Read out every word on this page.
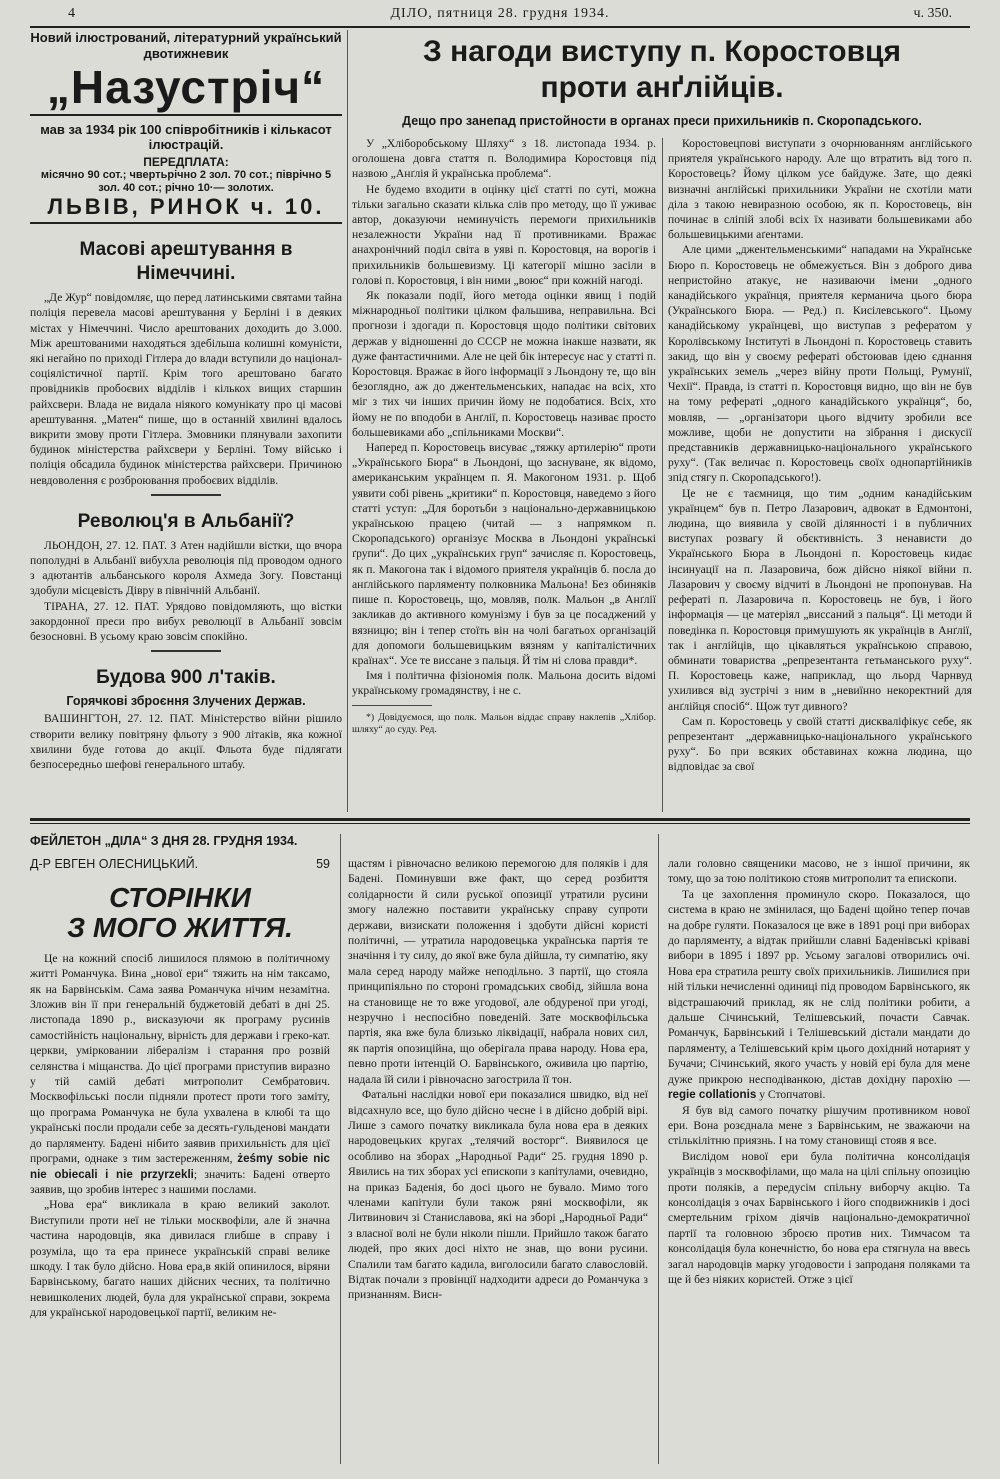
4	ДІЛО, пятниця 28. грудня 1934.	ч. 350.
Новий ілюстрований, літературний український двотижневик
„Назустріч“
мав за 1934 рік 100 співробітників і кількасот ілюстрацій.
ПЕРЕДПЛАТА:
місячно 90 сот.; чвертьрічно 2 зол. 70 сот.; піврічно 5 зол. 40 сот.; річно 10·— золотих.
ЛЬВІВ, РИНОК ч. 10.
Масові арештування в Німеччині.

„Де Жур“ повідомляє, що перед латинськими святами тайна поліція перевела масові арештування у Берліні і в деяких містах у Німеччині. Число арештованих доходить до 3.000. Між арештованими находяться здебільша колишні комуністи, які негайно по приході Гітлера до влади вступили до націонал-соціялістичної партії. Крім того арештовано багато провідників пробоєвих відділів і кількох вищих старшин райхсвери. Влада не видала ніякого комунікату про ці масові арештування. „Матен“ пише, що в останній хвилині вдалось викрити змову проти Гітлера. Змовники плянували захопити будинок міністерства райхсвери у Берліні. Тому військо і поліція обсадила будинок міністерства райхсвери. Причиною невдоволення є розброювання пробоєвих відділів.

Революц'я в Альбанії?

ЛЬОНДОН, 27. 12. ПАТ. З Атен надійшли вістки, що вчора пополудні в Альбанії вибухла революція під проводом одного з адютантів альбанського короля Ахмеда Зогу. Повстанці здобули місцевість Діврy в північній Альбанії.

ТІРАНА, 27. 12. ПАТ. Урядово повідомляють, що вістки закордонної преси про вибух революції в Альбанії зовсім безосновні. В усьому краю зовсім спокійно.

Будова 900 л'таків.
Горячкові зброєння Злучених Держав.

ВАШИНГТОН, 27. 12. ПАТ. Міністерство війни рішило створити велику повітряну фльоту з 900 літаків, яка кожної хвилини буде готова до акції. Фльота буде підлягати безпосередньо шефові генерального штабу.

З нагоди виступу п. Коростовця
проти анґлійців.
Дещо про занепад пристойности в органах преси прихильників п. Скоропадського.

У „Хліборобському Шляху“ з 18. листопада 1934. р. оголошена довга стаття п. Володимира Коростовця під назвою „Анґлія й українська проблема“.

Не будемо входити в оцінку цієї статті по суті, можна тільки загально сказати кілька слів про методу, що її уживає автор, доказуючи неминучість перемоги прихильників незалежности України над її противниками. Вражає анахронічний поділ світа в уяві п. Коростовця, на ворогів і прихильників большевизму. Ці категорії мішно засіли в голові п. Коростовця, і він ними „воює“ при кожній нагоді.

Як показали події, його метода оцінки явищ і подій міжнародньої політики цілком фальшива, неправильна. Всі прогнози і здогади п. Коростовця щодо політики світових держав у відношенні до СССР не можна інакше назвати, як дуже фантастичними. Але не цей бік інтересує нас у статті п. Коростовця. Вражає в його інформації з Льондону те, що він безоглядно, аж до джентельменських, нападає на всіх, хто міг з тих чи інших причин йому не подобатися. Всіх, хто йому не по вподоби в Анґлії, п. Коростовець називає просто большевиками або „спільниками Москви“.

Наперед п. Коростовець висуває „тяжку артилерію“ проти „Українського Бюра“ в Льондоні, що заснуване, як відомо, американським українцем п. Я. Макогоном 1931. р. Щоб уявити собі рівень „критики“ п. Коростовця, наведемо з його статті уступ: „Для боротьби з національно-державницькою українською працею (читай — з напрямком п. Скоропадського) організує Москва в Льондоні українські ґрупи“. До цих „українських груп“ зачисляє п. Коростовець, як п. Макогона так і відомого приятеля українців б. посла до анґлійського парляменту полковника Мальона! Без обиняків пише п. Коростовець, що, мовляв, полк. Мальон „в Анґлії закликав до активного комунізму і був за це посаджений у вязницю; він і тепер стоїть він на чолі багатьох організацій для допомоги большевицьким вязням у капіталістичних країнах“. Усе те виссане з пальця. Й тім ні слова правди*.

Імя і політична фізіономія полк. Мальона досить відомі українському громадянству, і не с.

*) Довідуємося, що полк. Мальон віддає справу наклепів „Хлібор. шляху“ до суду. Ред.

Коростовецпові виступати з очорнюванням англійського приятеля українського народу. Але що втратить від того п. Коростовець? Йому цілком усе байдуже. Зате, що деякі визначні анґлійські прихильники України не схотіли мати діла з такою невиразною особою, як п. Коростовець, він починає в сліпій злобі всіх їх називати большевиками або большевицькими аґентами.

Але цими „джентельменськими“ нападами на Українське Бюро п. Коростовець не обмежується. Він з доброго дива непристойно атакує, не називаючи імени „одного канадійського українця, приятеля керманича цього бюра (Українського Бюра. — Ред.) п. Кисілевського“. Цьому канадійському українцеві, що виступав з рефератом у Королівському Інституті в Льондоні п. Коростовець ставить закид, що він у своєму рефераті обстоював ідею єднання українських земель „через війну проти Польщі, Румунії, Чехії“. Правда, із статті п. Коростовця видно, що він не був на тому рефераті „одного канадійського українця“, бо, мовляв, — „організатори цього відчиту зробили все можливе, щоби не допустити на зібрання і дискусії представників державницько-національного українського руху“. (Так величає п. Коростовець своїх однопартійників зпід стягу п. Скоропадського!).

Це не є таємниця, що тим „одним канадійським українцем“ був п. Петро Лазарович, адвокат в Едмонтоні, людина, що виявила у своїй ділянності і в публичних виступах розвагу й обєктивність. З ненависти до Українського Бюра в Льондоні п. Коростовець кидає інсинуації на п. Лазаровича, бож дійсно ніякої війни п. Лазарович у своєму відчиті в Льондоні не пропонував. На рефераті п. Лазаровича п. Коростовець не був, і його інформація — це матеріял „виссаний з пальця“. Ці методи й поведінка п. Коростовця примушують як українців в Анґлії, так і англійців, що цікавляться українською справою, обминати товариства „репрезентанта гетьманського руху“. П. Коростовець каже, наприклад, що льорд Чарнвуд ухилився від зустрічі з ним в „невиїнно некоректний для анґлійця спосіб“. Щож тут дивного?

Сам п. Коростовець у своїй статті дискваліфікує себе, як репрезентант „державницько-національного українського руху“. Бо при всяких обставинах кожна людина, що відповідає за свої

ФЕЙЛЕТОН „ДІЛА“ З ДНЯ 28. ГРУДНЯ 1934.
Д-Р ЕВГЕН ОЛЕСНИЦЬКИЙ.	59
СТОРІНКИ
З МОГО ЖИТТЯ.

Це на кожний спосіб лишилося плямою в політичному житті Романчука. Вина „нової ери“ тяжить на нім таксамо, як на Барвінськім. Сама заява Романчука нічим незамітна. Зложив він її при генеральній буджетовій дебаті в дні 25. листопада 1890 р., висказуючи як програму русинів самостійність національну, вірність для держави і греко-кат. церкви, умірковании лібералізм і старання про розвій селянства і міщанства. До цієї програми приступив виразно у тій самій дебаті митрополит Сембратович. Москвофільські посли підняли протест проти того заміту, що програма Романчука не була ухвалена в клюбі та що українські посли продали себе за десять-гульденові мандати до парляменту. Бадені нібито заявив прихильність для цієї програми, однаке з тим застереженням, żeśmy sobie nic nie obiecali i nie przyrzekli; значить: Бадені отверто заявив, що зробив інтерес з нашими послами.

„Нова ера“ викликала в краю великий заколот. Виступили проти неї не тільки москвофіли, але й значна частина народовців, яка дивилася глибше в справу і розуміла, що та ера принесе українській справі велике шкоду. І так було дійсно. Нова ера,в якій опинилося, віряни Барвінському, багато наших дійсних чесних, та політично невишколених людей, була для української справи, зокрема для української народовецької партії, великим не-

щастям і рівночасно великою перемогою для поляків і для Бадені. Поминувши вже факт, що серед розбиття солідарности й сили руської опозиції утратили русини змогу належно поставити українську справу супроти держави, визискати положення і здобути дійсні користі політичні, — утратила народовецька українська партія те значіння і ту силу, до якої вже була дійшла, ту симпатію, яку мала серед народу майже неподільно. З партії, що стояла принципіяльно по стороні громадських свобід, зійшла вона на становище не то вже угодової, але обдуреної при угоді, незручно і неспосібно поведеній. Зате москвофільська партія, яка вже була близько ліквідації, набрала нових сил, як партія опозиційна, що оберігала права народу. Нова ера, певно проти інтенцій О. Барвінського, оживила цю партію, надала їй сили і рівночасно загострила її тон.

Фатальні наслідки нової ери показалися швидко, від неї відсахнуло все, що було дійсно чесне і в дійсно добрій вірі. Лише з самого початку викликала була нова ера в деяких народовецьких кругах „телячий восторг“. Виявилося це особливо на зборах „Народньої Ради“ 25. грудня 1890 р. Явились на тих зборах усі епископи з капітулами, очевидно, на приказ Баденія, бо досі цього не бувало. Мимо того членами капітули були також ряні москвофіли, як Литвинович зі Станиславова, які на зборі „Народньої Ради“ з власної волі не були ніколи пішли. Прийшло також багато людей, про яких досі ніхто не знав, що вони русини. Спалили там багато кадила, виголосили багато славословій. Відтак почали з провінції надходити адреси до Романчука з признанням. Висн-

лали головно священики масово, не з іншої причини, як тому, що за тою політикою стояв митрополит та епископи.

Та це захоплення проминуло скоро. Показалося, що система в краю не змінилася, що Бадені щойно тепер почав на добре гуляти. Показалося це вже в 1891 році при виборах до парляменту, а відтак прийшли славні Баденівські кріваві вибори в 1895 і 1897 рр. Усьому загалові отворились очі. Нова ера стратила решту своїх прихильників. Лишилися при ній тільки нечисленні одиниці під проводом Барвінського, як відстрашаючий приклад, як не слід політики робити, а дальше Січинський, Телішевський, почасти Савчак. Романчук, Барвінський і Телішевський дістали мандати до парляменту, а Телішевський крім цього дохідний нотарият у Бучачи; Січинський, якого участь у новій ері була для мене дуже прикрою несподіванкою, дістав дохідну парохію — regie collationis у Стопчатові.

Я був від самого початку рішучим противником нової ери. Вона розєднала мене з Барвінським, не зважаючи на стількілітню приязнь. І на тому становищі стояв я все.

Вислідом нової ери була політична консолідація українців з москвофілами, що мала на цілі спільну опозицію проти поляків, а передусім спільну виборчу акцію. Та консолідація з очах Барвінського і його сподвижників і досі смертельним гріхом діячів національно-демократичної партії та головною зброєю против них. Тимчасом та консолідація була конечністю, бо нова ера стягнула на ввесь загал народовців марку угодовости і запроданя поляками та ще й без ніяких користей. Отже з цієї
